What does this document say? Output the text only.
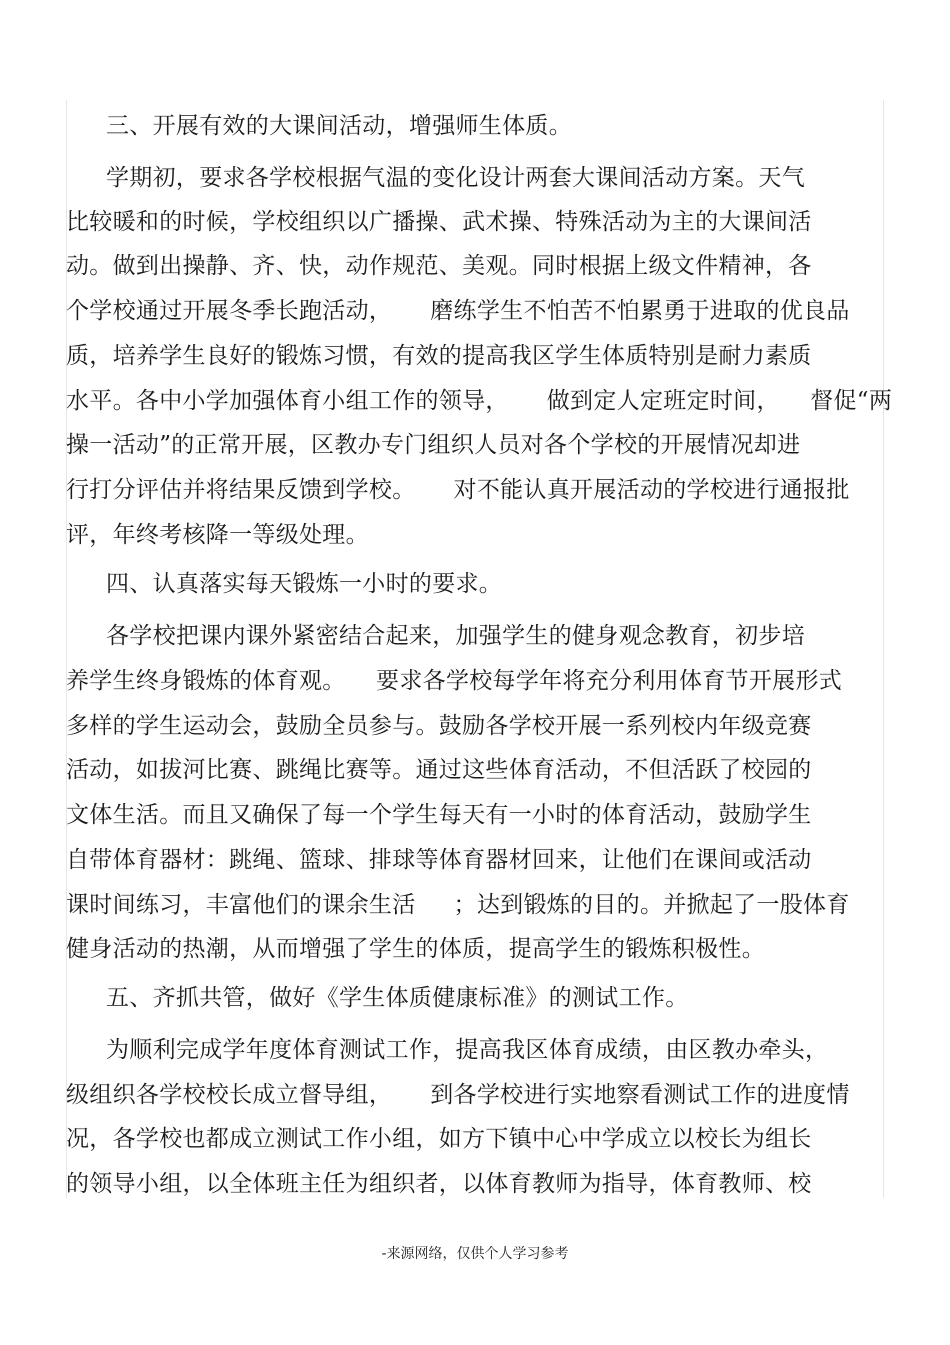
三、开展有效的大课间活动，增强师生体质。
学期初，要求各学校根据气温的变化设计两套大课间活动方案。天气
比较暖和的时候，学校组织以广播操、武术操、特殊活动为主的大课间活
动。做到出操静、齐、快，动作规范、美观。同时根据上级文件精神，各
个学校通过开展冬季长跑活动，     磨练学生不怕苦不怕累勇于进取的优良品
质，培养学生良好的锻炼习惯，有效的提高我区学生体质特别是耐力素质
水平。各中小学加强体育小组工作的领导，     做到定人定班定时间，    督促“两
操一活动”的正常开展，区教办专门组织人员对各个学校的开展情况却进
行打分评估并将结果反馈到学校。     对不能认真开展活动的学校进行通报批
评，年终考核降一等级处理。
四、认真落实每天锻炼一小时的要求。
各学校把课内课外紧密结合起来，加强学生的健身观念教育，初步培
养学生终身锻炼的体育观。    要求各学校每学年将充分利用体育节开展形式
多样的学生运动会，鼓励全员参与。鼓励各学校开展一系列校内年级竞赛
活动，如拔河比赛、跳绳比赛等。通过这些体育活动，不但活跃了校园的
文体生活。而且又确保了每一个学生每天有一小时的体育活动，鼓励学生
自带体育器材：跳绳、篮球、排球等体育器材回来，让他们在课间或活动
课时间练习，丰富他们的课余生活     ；达到锻炼的目的。并掀起了一股体育
健身活动的热潮，从而增强了学生的体质，提高学生的锻炼积极性。
五、齐抓共管，做好《学生体质健康标准》的测试工作。
为顺利完成学年度体育测试工作，提高我区体育成绩，由区教办牵头，
级组织各学校校长成立督导组，     到各学校进行实地察看测试工作的进度情
况，各学校也都成立测试工作小组，如方下镇中心中学成立以校长为组长
的领导小组，以全体班主任为组织者，以体育教师为指导，体育教师、校
-来源网络，仅供个人学习参考
